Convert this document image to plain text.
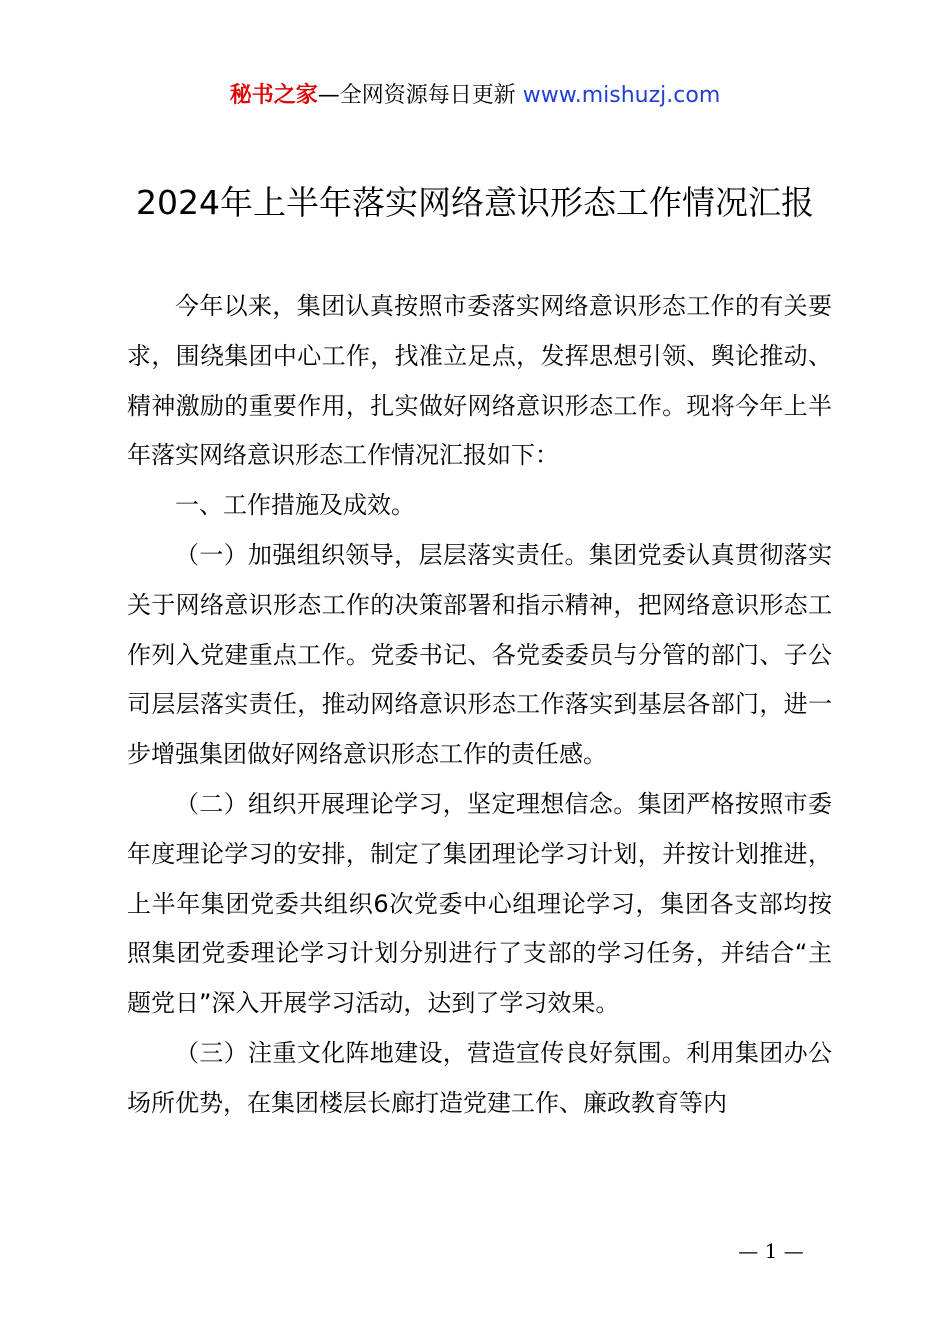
秘书之家—全网资源每日更新 www.mishuzj.com
2024年上半年落实网络意识形态工作情况汇报

今年以来，集团认真按照市委落实网络意识形态工作的有关要求，围绕集团中心工作，找准立足点，发挥思想引领、舆论推动、精神激励的重要作用，扎实做好网络意识形态工作。现将今年上半年落实网络意识形态工作情况汇报如下：

一、工作措施及成效。

（一）加强组织领导，层层落实责任。集团党委认真贯彻落实关于网络意识形态工作的决策部署和指示精神，把网络意识形态工作列入党建重点工作。党委书记、各党委委员与分管的部门、子公司层层落实责任，推动网络意识形态工作落实到基层各部门，进一步增强集团做好网络意识形态工作的责任感。

（二）组织开展理论学习，坚定理想信念。集团严格按照市委年度理论学习的安排，制定了集团理论学习计划，并按计划推进，上半年集团党委共组织6次党委中心组理论学习，集团各支部均按照集团党委理论学习计划分别进行了支部的学习任务，并结合“主题党日”深入开展学习活动，达到了学习效果。

（三）注重文化阵地建设，营造宣传良好氛围。利用集团办公场所优势，在集团楼层长廊打造党建工作、廉政教育等内

— 1 —
